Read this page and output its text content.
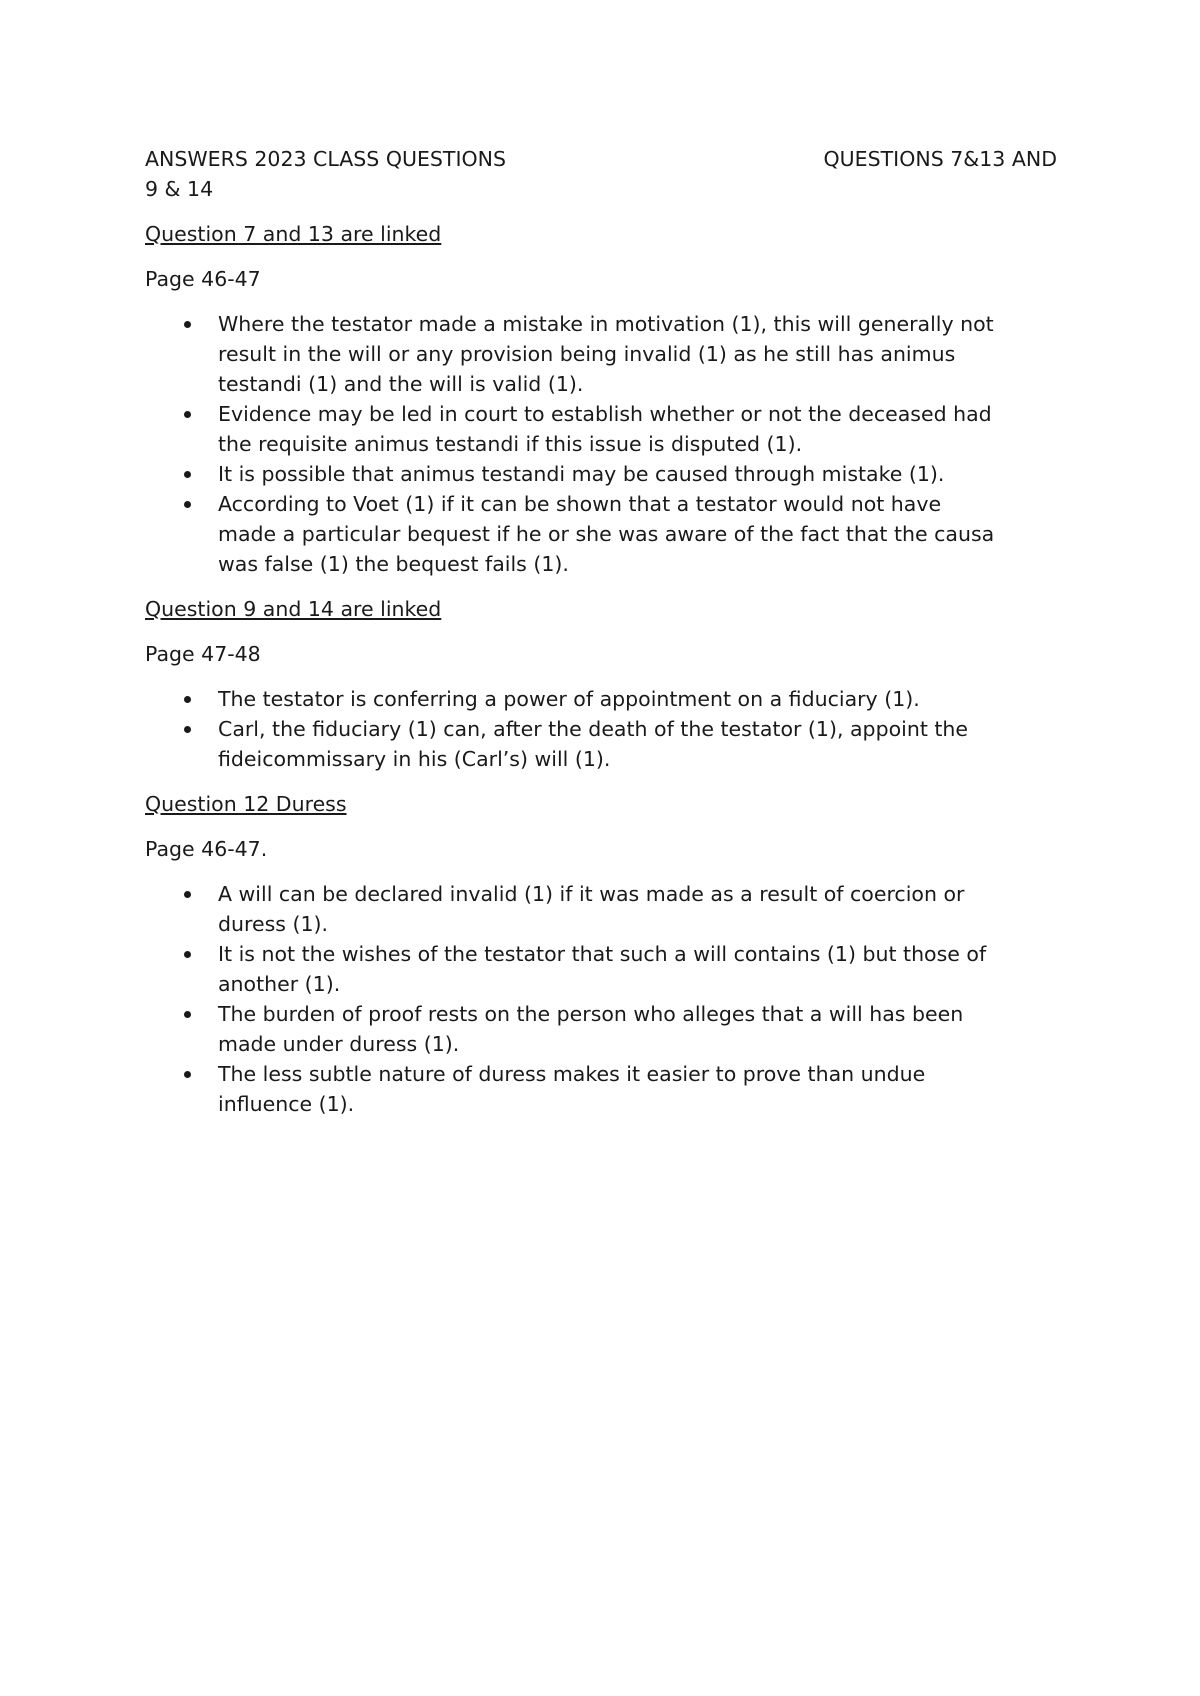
ANSWERS 2023 CLASS QUESTIONS	QUESTIONS 7&13 AND
9 & 14
Question 7 and 13 are linked
Page 46-47
Where the testator made a mistake in motivation (1), this will generally not result in the will or any provision being invalid (1) as he still has animus testandi (1) and the will is valid (1).
Evidence may be led in court to establish whether or not the deceased had the requisite animus testandi if this issue is disputed (1).
It is possible that animus testandi may be caused through mistake (1).
According to Voet (1) if it can be shown that a testator would not have made a particular bequest if he or she was aware of the fact that the causa was false (1) the bequest fails (1).
Question 9 and 14 are linked
Page 47-48
The testator is conferring a power of appointment on a fiduciary (1).
Carl, the fiduciary (1) can, after the death of the testator (1), appoint the fideicommissary in his (Carl’s) will (1).
Question 12 Duress
Page 46-47.
A will can be declared invalid (1) if it was made as a result of coercion or duress (1).
It is not the wishes of the testator that such a will contains (1) but those of another (1).
The burden of proof rests on the person who alleges that a will has been made under duress (1).
The less subtle nature of duress makes it easier to prove than undue influence (1).
